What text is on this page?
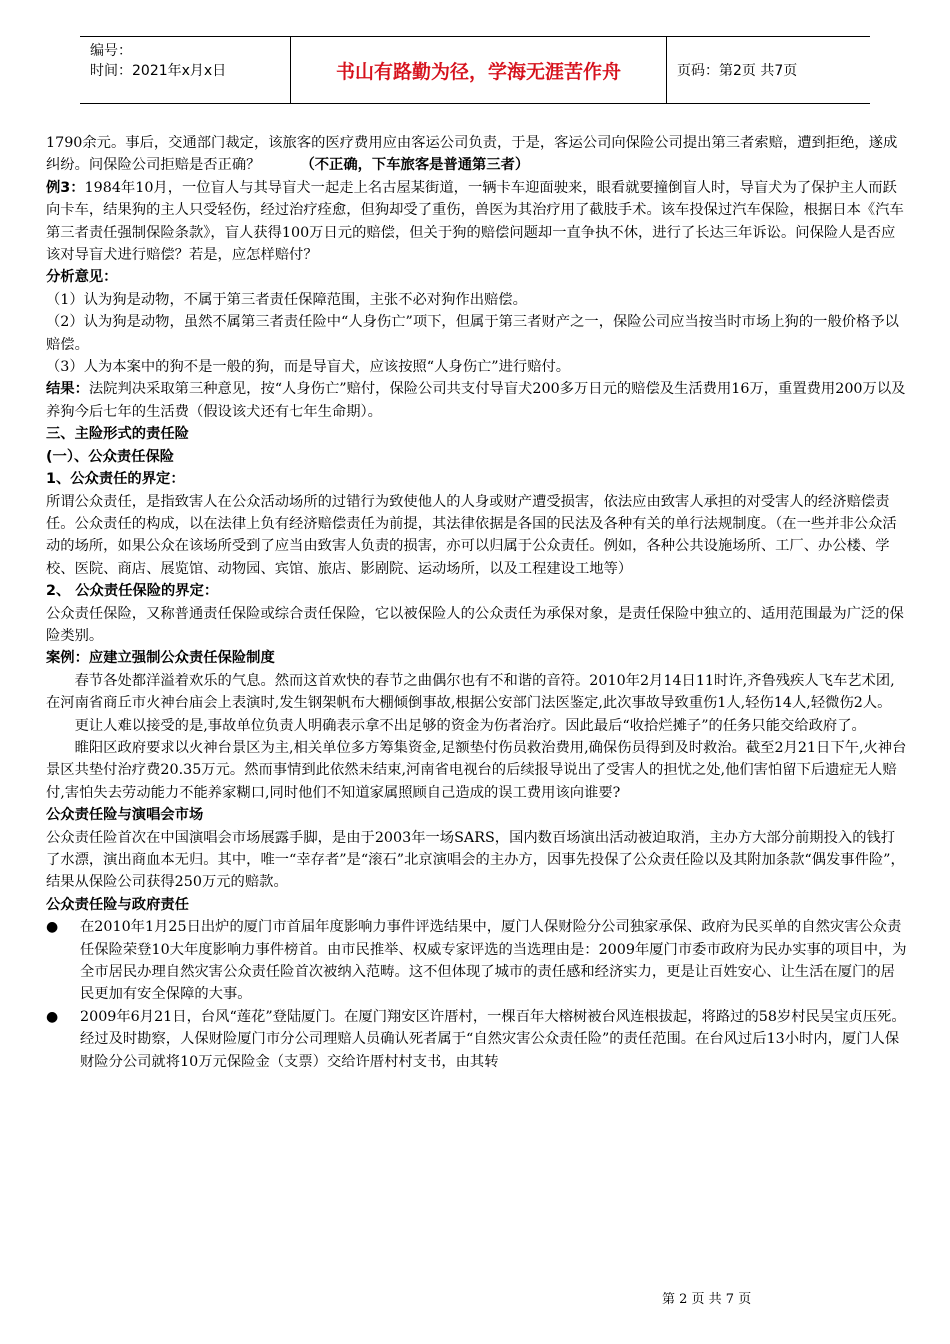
编号：
时间：2021年x月x日	书山有路勤为径，学海无涯苦作舟	页码：第2页 共7页

1790余元。事后，交通部门裁定，该旅客的医疗费用应由客运公司负责，于是，客运公司向保险公司提出第三者索赔，遭到拒绝，遂成纠纷。问保险公司拒赔是否正确？	（不正确，下车旅客是普通第三者）

例3：1984年10月，一位盲人与其导盲犬一起走上名古屋某街道，一辆卡车迎面驶来，眼看就要撞倒盲人时，导盲犬为了保护主人而跃向卡车，结果狗的主人只受轻伤，经过治疗痊愈，但狗却受了重伤，兽医为其治疗用了截肢手术。该车投保过汽车保险，根据日本《汽车第三者责任强制保险条款》，盲人获得100万日元的赔偿，但关于狗的赔偿问题却一直争执不休，进行了长达三年诉讼。问保险人是否应该对导盲犬进行赔偿？若是，应怎样赔付？

分析意见：

（1）认为狗是动物，不属于第三者责任保障范围，主张不必对狗作出赔偿。

（2）认为狗是动物，虽然不属第三者责任险中“人身伤亡”项下，但属于第三者财产之一，保险公司应当按当时市场上狗的一般价格予以赔偿。

（3）人为本案中的狗不是一般的狗，而是导盲犬，应该按照“人身伤亡”进行赔付。

结果：法院判决采取第三种意见，按“人身伤亡”赔付，保险公司共支付导盲犬200多万日元的赔偿及生活费用16万，重置费用200万以及养狗今后七年的生活费（假设该犬还有七年生命期）。

三、主险形式的责任险

(一）、公众责任保险

1、公众责任的界定：

所谓公众责任，是指致害人在公众活动场所的过错行为致使他人的人身或财产遭受损害，依法应由致害人承担的对受害人的经济赔偿责任。公众责任的构成，以在法律上负有经济赔偿责任为前提，其法律依据是各国的民法及各种有关的单行法规制度。（在一些并非公众活动的场所，如果公众在该场所受到了应当由致害人负责的损害，亦可以归属于公众责任。例如，各种公共设施场所、工厂、办公楼、学校、医院、商店、展览馆、动物园、宾馆、旅店、影剧院、运动场所，以及工程建设工地等）

2、 公众责任保险的界定：

公众责任保险，又称普通责任保险或综合责任保险，它以被保险人的公众责任为承保对象，是责任保险中独立的、适用范围最为广泛的保险类别。

案例：应建立强制公众责任保险制度

春节各处都洋溢着欢乐的气息。然而这首欢快的春节之曲偶尔也有不和谐的音符。2010年2月14日11时许,齐鲁残疾人飞车艺术团,在河南省商丘市火神台庙会上表演时,发生钢架帆布大棚倾倒事故,根据公安部门法医鉴定,此次事故导致重伤1人,轻伤14人,轻微伤2人。

更让人难以接受的是,事故单位负责人明确表示拿不出足够的资金为伤者治疗。因此最后“收拾烂摊子”的任务只能交给政府了。

睢阳区政府要求以火神台景区为主,相关单位多方筹集资金,足额垫付伤员救治费用,确保伤员得到及时救治。截至2月21日下午,火神台景区共垫付治疗费20.35万元。然而事情到此依然未结束,河南省电视台的后续报导说出了受害人的担忧之处,他们害怕留下后遗症无人赔付,害怕失去劳动能力不能养家糊口,同时他们不知道家属照顾自己造成的误工费用该向谁要?

公众责任险与演唱会市场

公众责任险首次在中国演唱会市场展露手脚，是由于2003年一场SARS，国内数百场演出活动被迫取消，主办方大部分前期投入的钱打了水漂，演出商血本无归。其中，唯一“幸存者”是“滚石”北京演唱会的主办方，因事先投保了公众责任险以及其附加条款“偶发事件险”，结果从保险公司获得250万元的赔款。

公众责任险与政府责任

●	在2010年1月25日出炉的厦门市首届年度影响力事件评选结果中，厦门人保财险分公司独家承保、政府为民买单的自然灾害公众责任保险荣登10大年度影响力事件榜首。由市民推举、权威专家评选的当选理由是：2009年厦门市委市政府为民办实事的项目中，为全市居民办理自然灾害公众责任险首次被纳入范畴。这不但体现了城市的责任感和经济实力，更是让百姓安心、让生活在厦门的居民更加有安全保障的大事。
●	2009年6月21日，台风“莲花”登陆厦门。在厦门翔安区许厝村，一棵百年大榕树被台风连根拔起，将路过的58岁村民吴宝贞压死。经过及时勘察，人保财险厦门市分公司理赔人员确认死者属于“自然灾害公众责任险”的责任范围。在台风过后13小时内，厦门人保财险分公司就将10万元保险金（支票）交给许厝村村支书，由其转
第 2 页 共 7 页
